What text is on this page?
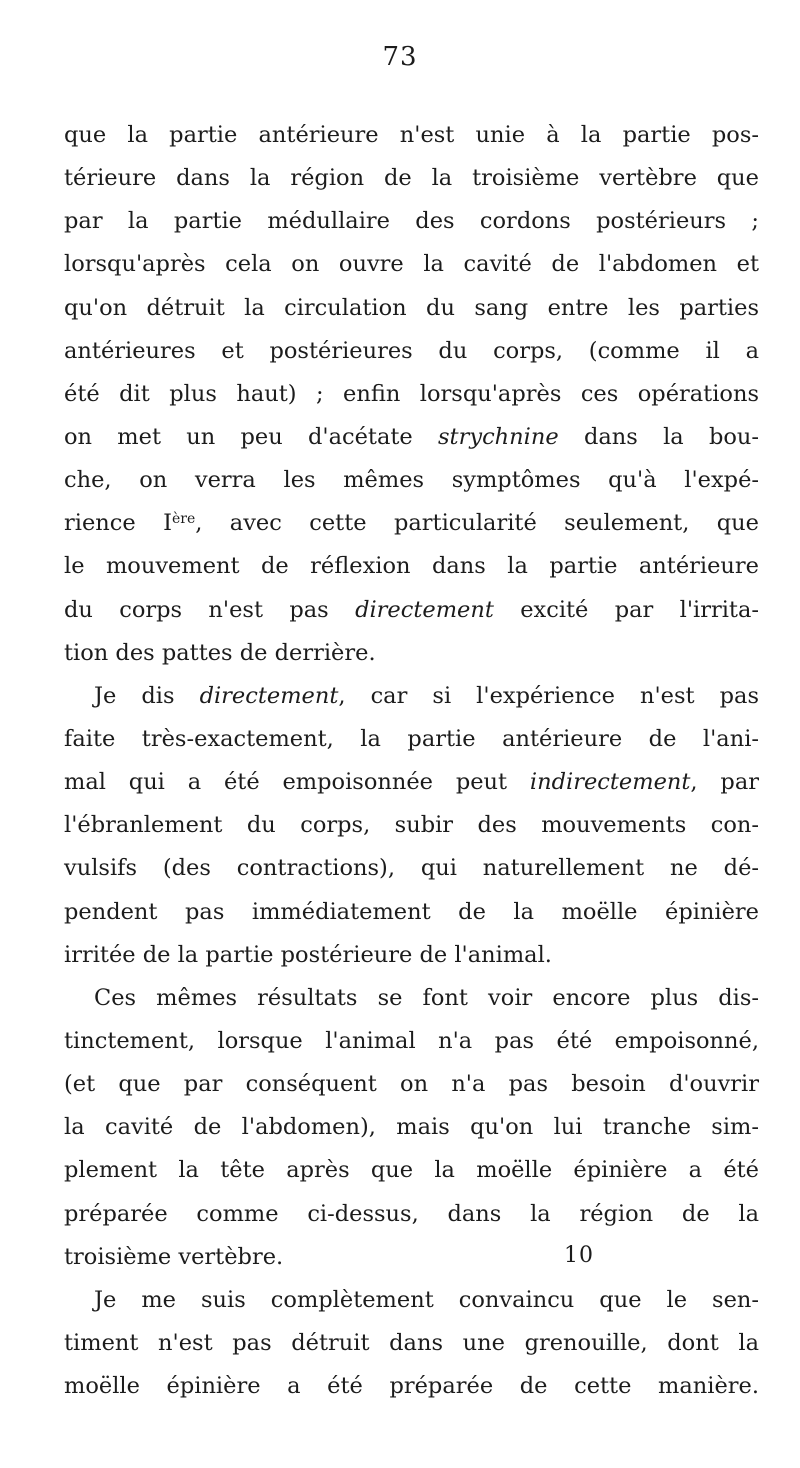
73
que la partie antérieure n'est unie à la partie pos-
térieure dans la région de la troisième vertèbre que
par la partie médullaire des cordons postérieurs ;
lorsqu'après cela on ouvre la cavité de l'abdomen et
qu'on détruit la circulation du sang entre les parties
antérieures et postérieures du corps, (comme il a
été dit plus haut) ; enfin lorsqu'après ces opérations
on met un peu d'acétate strychnine dans la bou-
che, on verra les mêmes symptômes qu'à l'expé-
rience Ière, avec cette particularité seulement, que
le mouvement de réflexion dans la partie antérieure
du corps n'est pas directement excité par l'irrita-
tion des pattes de derrière.
Je dis directement, car si l'expérience n'est pas
faite très-exactement, la partie antérieure de l'ani-
mal qui a été empoisonnée peut indirectement, par
l'ébranlement du corps, subir des mouvements con-
vulsifs (des contractions), qui naturellement ne dé-
pendent pas immédiatement de la moëlle épinière
irritée de la partie postérieure de l'animal.
Ces mêmes résultats se font voir encore plus dis-
tinctement, lorsque l'animal n'a pas été empoisonné,
(et que par conséquent on n'a pas besoin d'ouvrir
la cavité de l'abdomen), mais qu'on lui tranche sim-
plement la tête après que la moëlle épinière a été
préparée comme ci-dessus, dans la région de la
troisième vertèbre.
Je me suis complètement convaincu que le sen-
timent n'est pas détruit dans une grenouille, dont la
moëlle épinière a été préparée de cette manière.
10
